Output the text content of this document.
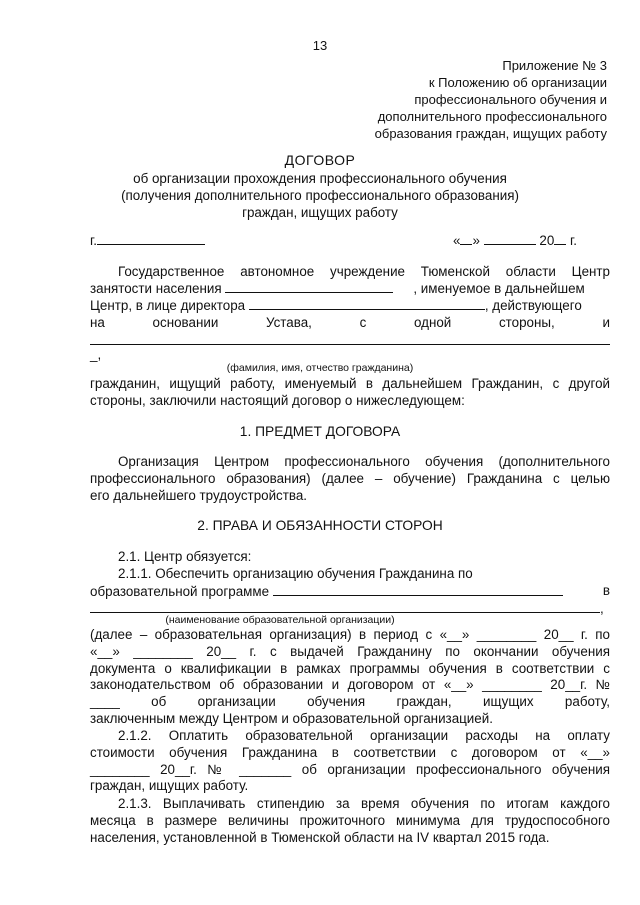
13
Приложение № 3
к Положению об организации
профессионального обучения и
дополнительного профессионального
образования граждан, ищущих работу
ДОГОВОР
об организации прохождения профессионального обучения
(получения дополнительного профессионального образования)
граждан, ищущих работу
г.	« »	20 г.
Государственное автономное учреждение Тюменской области Центр
занятости населения	, именуемое в дальнейшем
Центр, в лице директора	, действующего
на	основании	Устава,	с	одной	стороны,	и
_,
(фамилия, имя, отчество гражданина)
гражданин, ищущий работу, именуемый в дальнейшем Гражданин, с другой
стороны, заключили настоящий договор о нижеследующем:
1. ПРЕДМЕТ ДОГОВОРА
Организация Центром профессионального обучения (дополнительного
профессионального образования) (далее – обучение) Гражданина с целью
его дальнейшего трудоустройства.
2. ПРАВА И ОБЯЗАННОСТИ СТОРОН
2.1. Центр обязуется:
2.1.1. Обеспечить организацию обучения Гражданина по
образовательной программе	в
,
(наименование образовательной организации)
(далее – образовательная организация) в период с «__» ________ 20__ г. по
«__» ________ 20__ г. с выдачей Гражданину по окончании обучения
документа о квалификации в рамках программы обучения в соответствии с
законодательством об образовании и договором от «__» ________ 20__г. №
____ об организации обучения граждан, ищущих работу,
заключенным между Центром и образовательной организацией.
2.1.2. Оплатить образовательной организации расходы на оплату
стоимости обучения Гражданина в соответствии с договором от «__»
________ 20__г. № _______ об организации профессионального обучения
граждан, ищущих работу.
2.1.3. Выплачивать стипендию за время обучения по итогам каждого
месяца в размере величины прожиточного минимума для трудоспособного
населения, установленной в Тюменской области на IV квартал 2015 года.
